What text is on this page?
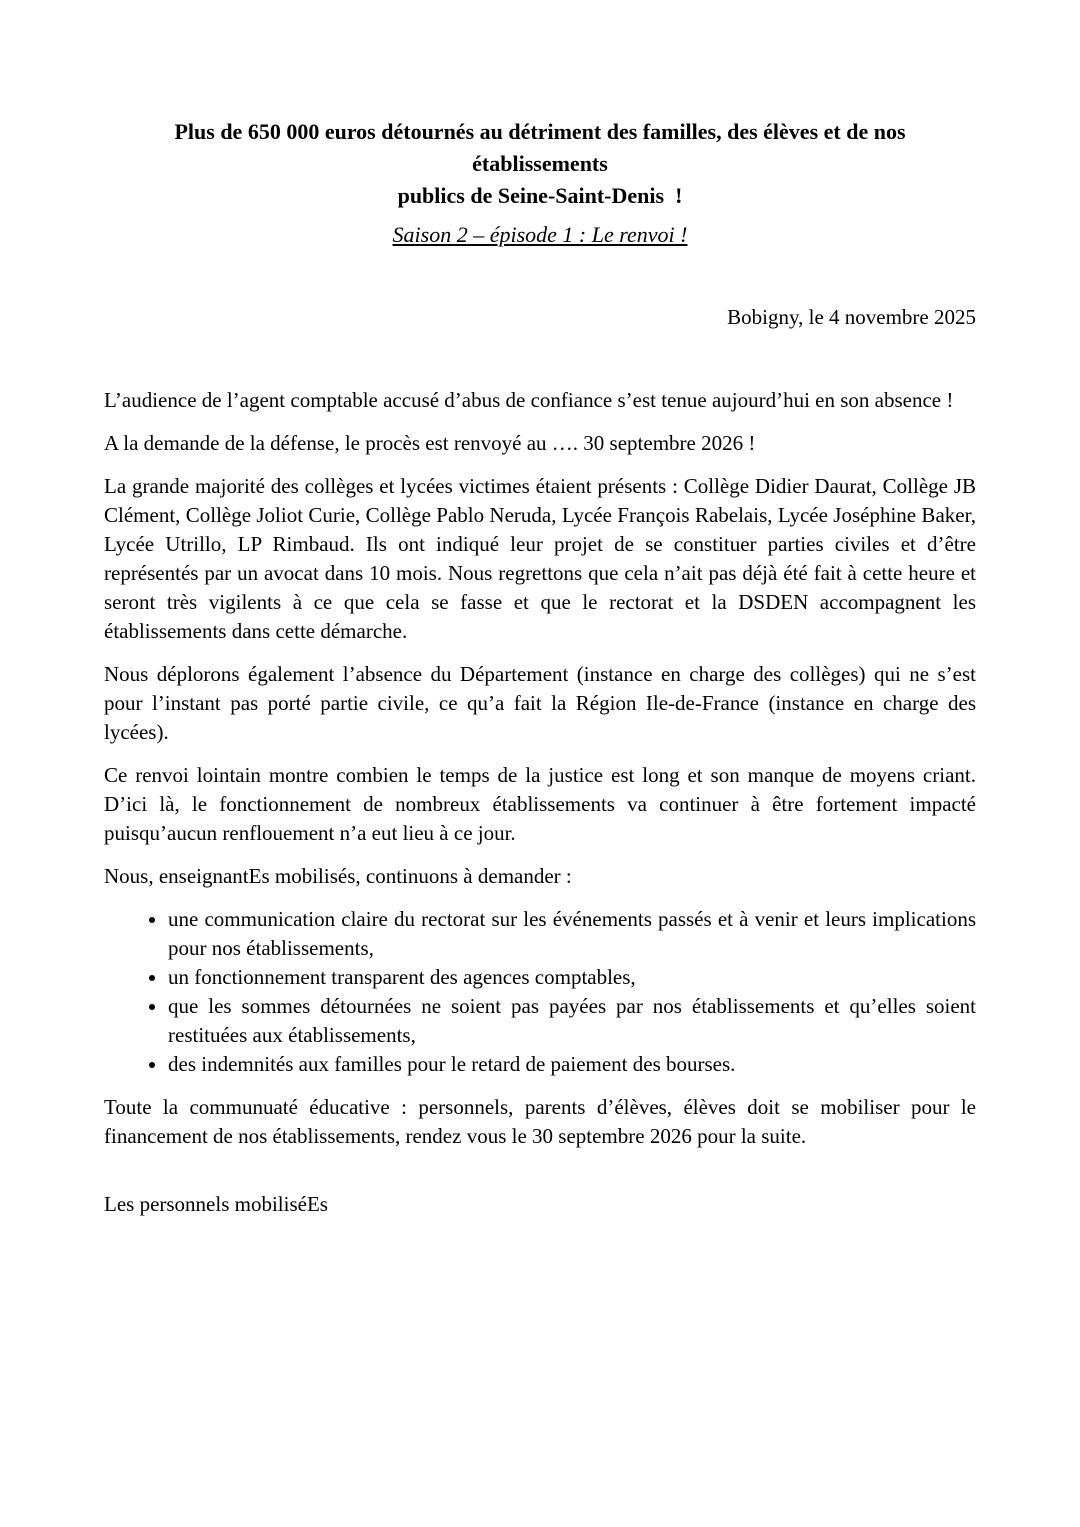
Plus de 650 000 euros détournés au détriment des familles, des élèves et de nos établissements
publics de Seine-Saint-Denis  !

Saison 2 – épisode 1 : Le renvoi !

Bobigny, le 4 novembre 2025

L’audience de l’agent comptable accusé d’abus de confiance s’est tenue aujourd’hui en son absence !

A la demande de la défense, le procès est renvoyé au …. 30 septembre 2026 !

La grande majorité des collèges et lycées victimes étaient présents : Collège Didier Daurat, Collège JB Clément, Collège Joliot Curie, Collège Pablo Neruda, Lycée François Rabelais, Lycée Joséphine Baker, Lycée Utrillo, LP Rimbaud. Ils ont indiqué leur projet de se constituer parties civiles et d’être représentés par un avocat dans 10 mois. Nous regrettons que cela n’ait pas déjà été fait à cette heure et seront très vigilents à ce que cela se fasse et que le rectorat et la DSDEN accompagnent les établissements dans cette démarche.

Nous déplorons également l’absence du Département (instance en charge des collèges) qui ne s’est pour l’instant pas porté partie civile, ce qu’a fait la Région Ile-de-France (instance en charge des lycées).

Ce renvoi lointain montre combien le temps de la justice est long et son manque de moyens criant. D’ici là, le fonctionnement de nombreux établissements va continuer à être fortement impacté puisqu’aucun renflouement n’a eut lieu à ce jour.

Nous, enseignantEs mobilisés, continuons à demander :

• une communication claire du rectorat sur les événements passés et à venir et leurs implications pour nos établissements,
• un fonctionnement transparent des agences comptables,
• que les sommes détournées ne soient pas payées par nos établissements et qu’elles soient restituées aux établissements,
• des indemnités aux familles pour le retard de paiement des bourses.

Toute la communuaté éducative : personnels, parents d’élèves, élèves doit se mobiliser pour le financement de nos établissements, rendez vous le 30 septembre 2026 pour la suite.

Les personnels mobiliséEs
